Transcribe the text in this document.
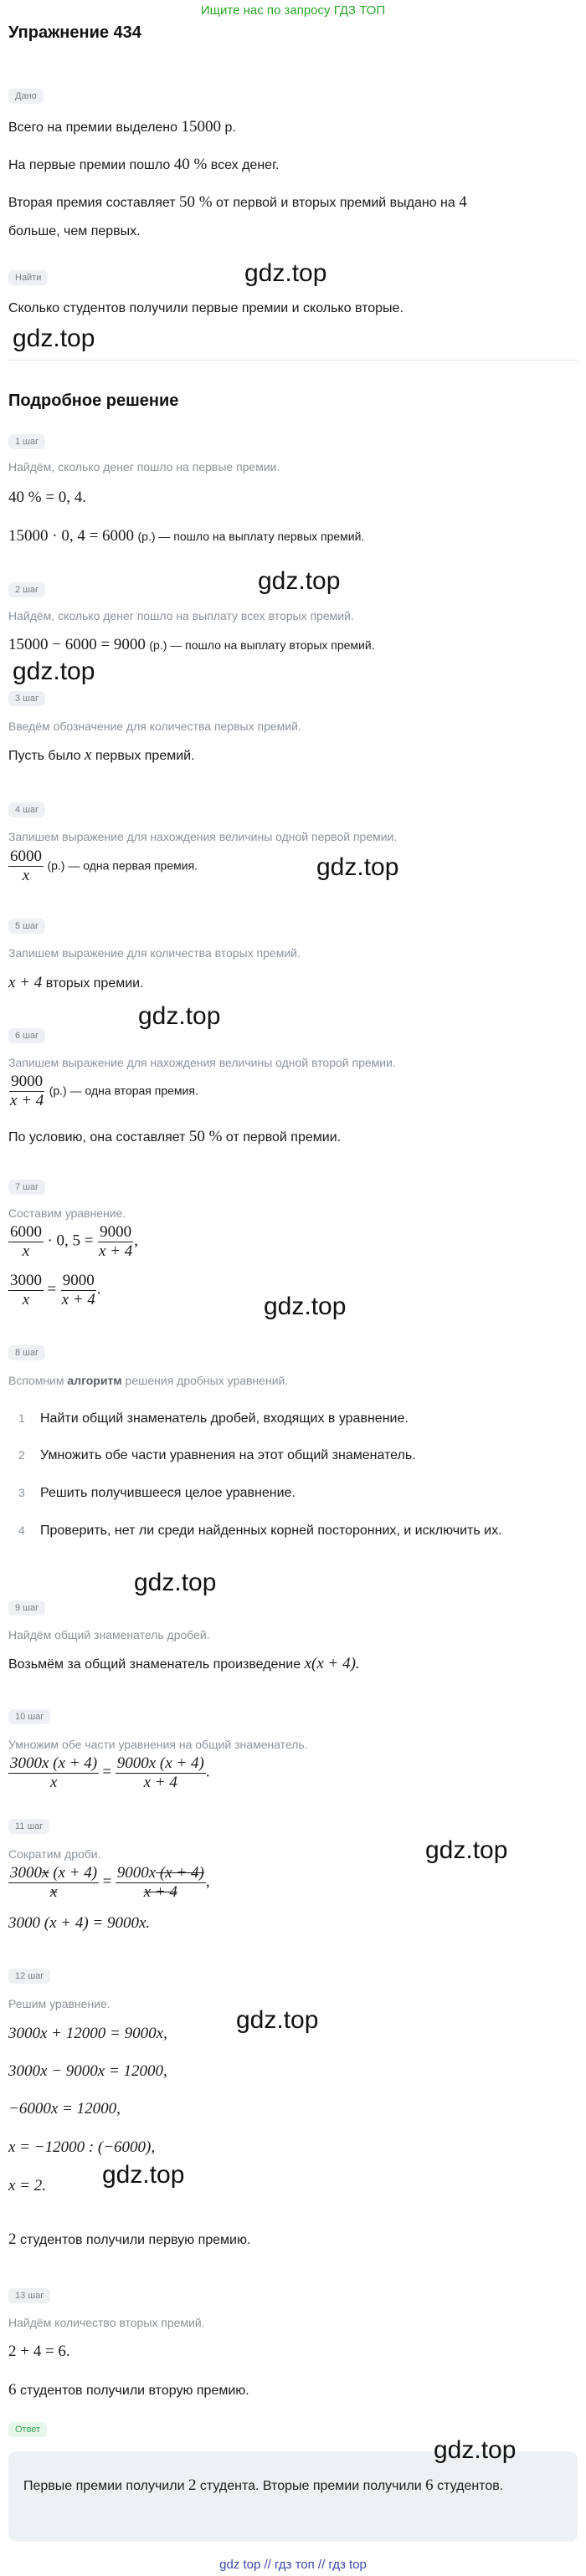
Ищите нас по запросу ГДЗ ТОП
Упражнение 434
Дано
Всего на премии выделено 15000 р.
На первые премии пошло 40 % всех денег.
Вторая премия составляет 50 % от первой и вторых премий выдано на 4
больше, чем первых.
Найти	gdz.top
Сколько студентов получили первые премии и сколько вторые.
gdz.top
Подробное решение
1 шаг
Найдём, сколько денег пошло на первые премии.
40 % = 0, 4.
15000 · 0, 4 = 6000 (р.) — пошло на выплату первых премий.
gdz.top
2 шаг
Найдём, сколько денег пошло на выплату всех вторых премий.
15000 − 6000 = 9000 (р.) — пошло на выплату вторых премий.
gdz.top
3 шаг
Введём обозначение для количества первых премий.
Пусть было x первых премий.
4 шаг
Запишем выражение для нахождения величины одной первой премии.
$\frac{6000}{x} (р.)$ — одна первая премия.	gdz.top
5 шаг
Запишем выражение для количества вторых премий.
x + 4 вторых премии.
gdz.top
6 шаг
Запишем выражение для нахождения величины одной второй премии.
$\frac{9000}{x + 4} (р.)$ — одна вторая премия.
По условию, она составляет 50 % от первой премии.
7 шаг
Составим уравнение.
$\frac{6000}{x} \cdot 0$, $5 = \frac{9000}{x + 4}$ ,
$\frac{3000}{x} = \frac{9000}{x + 4}$ .
gdz.top
8 шаг
Вспомним алгоритм решения дробных уравнений.
1 Найти общий знаменатель дробей, входящих в уравнение.
2 Умножить обе части уравнения на этот общий знаменатель.
3 Решить получившееся целое уравнение.
4 Проверить, нет ли среди найденных корней посторонних, и исключить их.
gdz.top
9 шаг
Найдём общий знаменатель дробей.
Возьмём за общий знаменатель произведение x(x + 4).
10 шаг
Умножим обе части уравнения на общий знаменатель.
$\frac{3000x (x + 4)}{x} = \frac{9000x (x + 4)}{x + 4}$ .
11 шаг
gdz.top
Сократим дроби.
$\frac{3000x (x + 4)}{x} = \frac{9000x (x + 4)}{x + 4}$ ,
3000 (x + 4) = 9000x.
12 шаг
Решим уравнение.
gdz.top
3000x + 12000 = 9000x,
3000x − 9000x = 12000,
−6000x = 12000,
x = −12000 : (−6000),
gdz.top
x = 2.
2 студентов получили первую премию.
13 шаг
Найдём количество вторых премий.
2 + 4 = 6.
6 студентов получили вторую премию.
Ответ
gdz.top
Первые премии получили 2 студента. Вторые премии получили 6 студентов.
gdz top // гдз топ // гдз top
